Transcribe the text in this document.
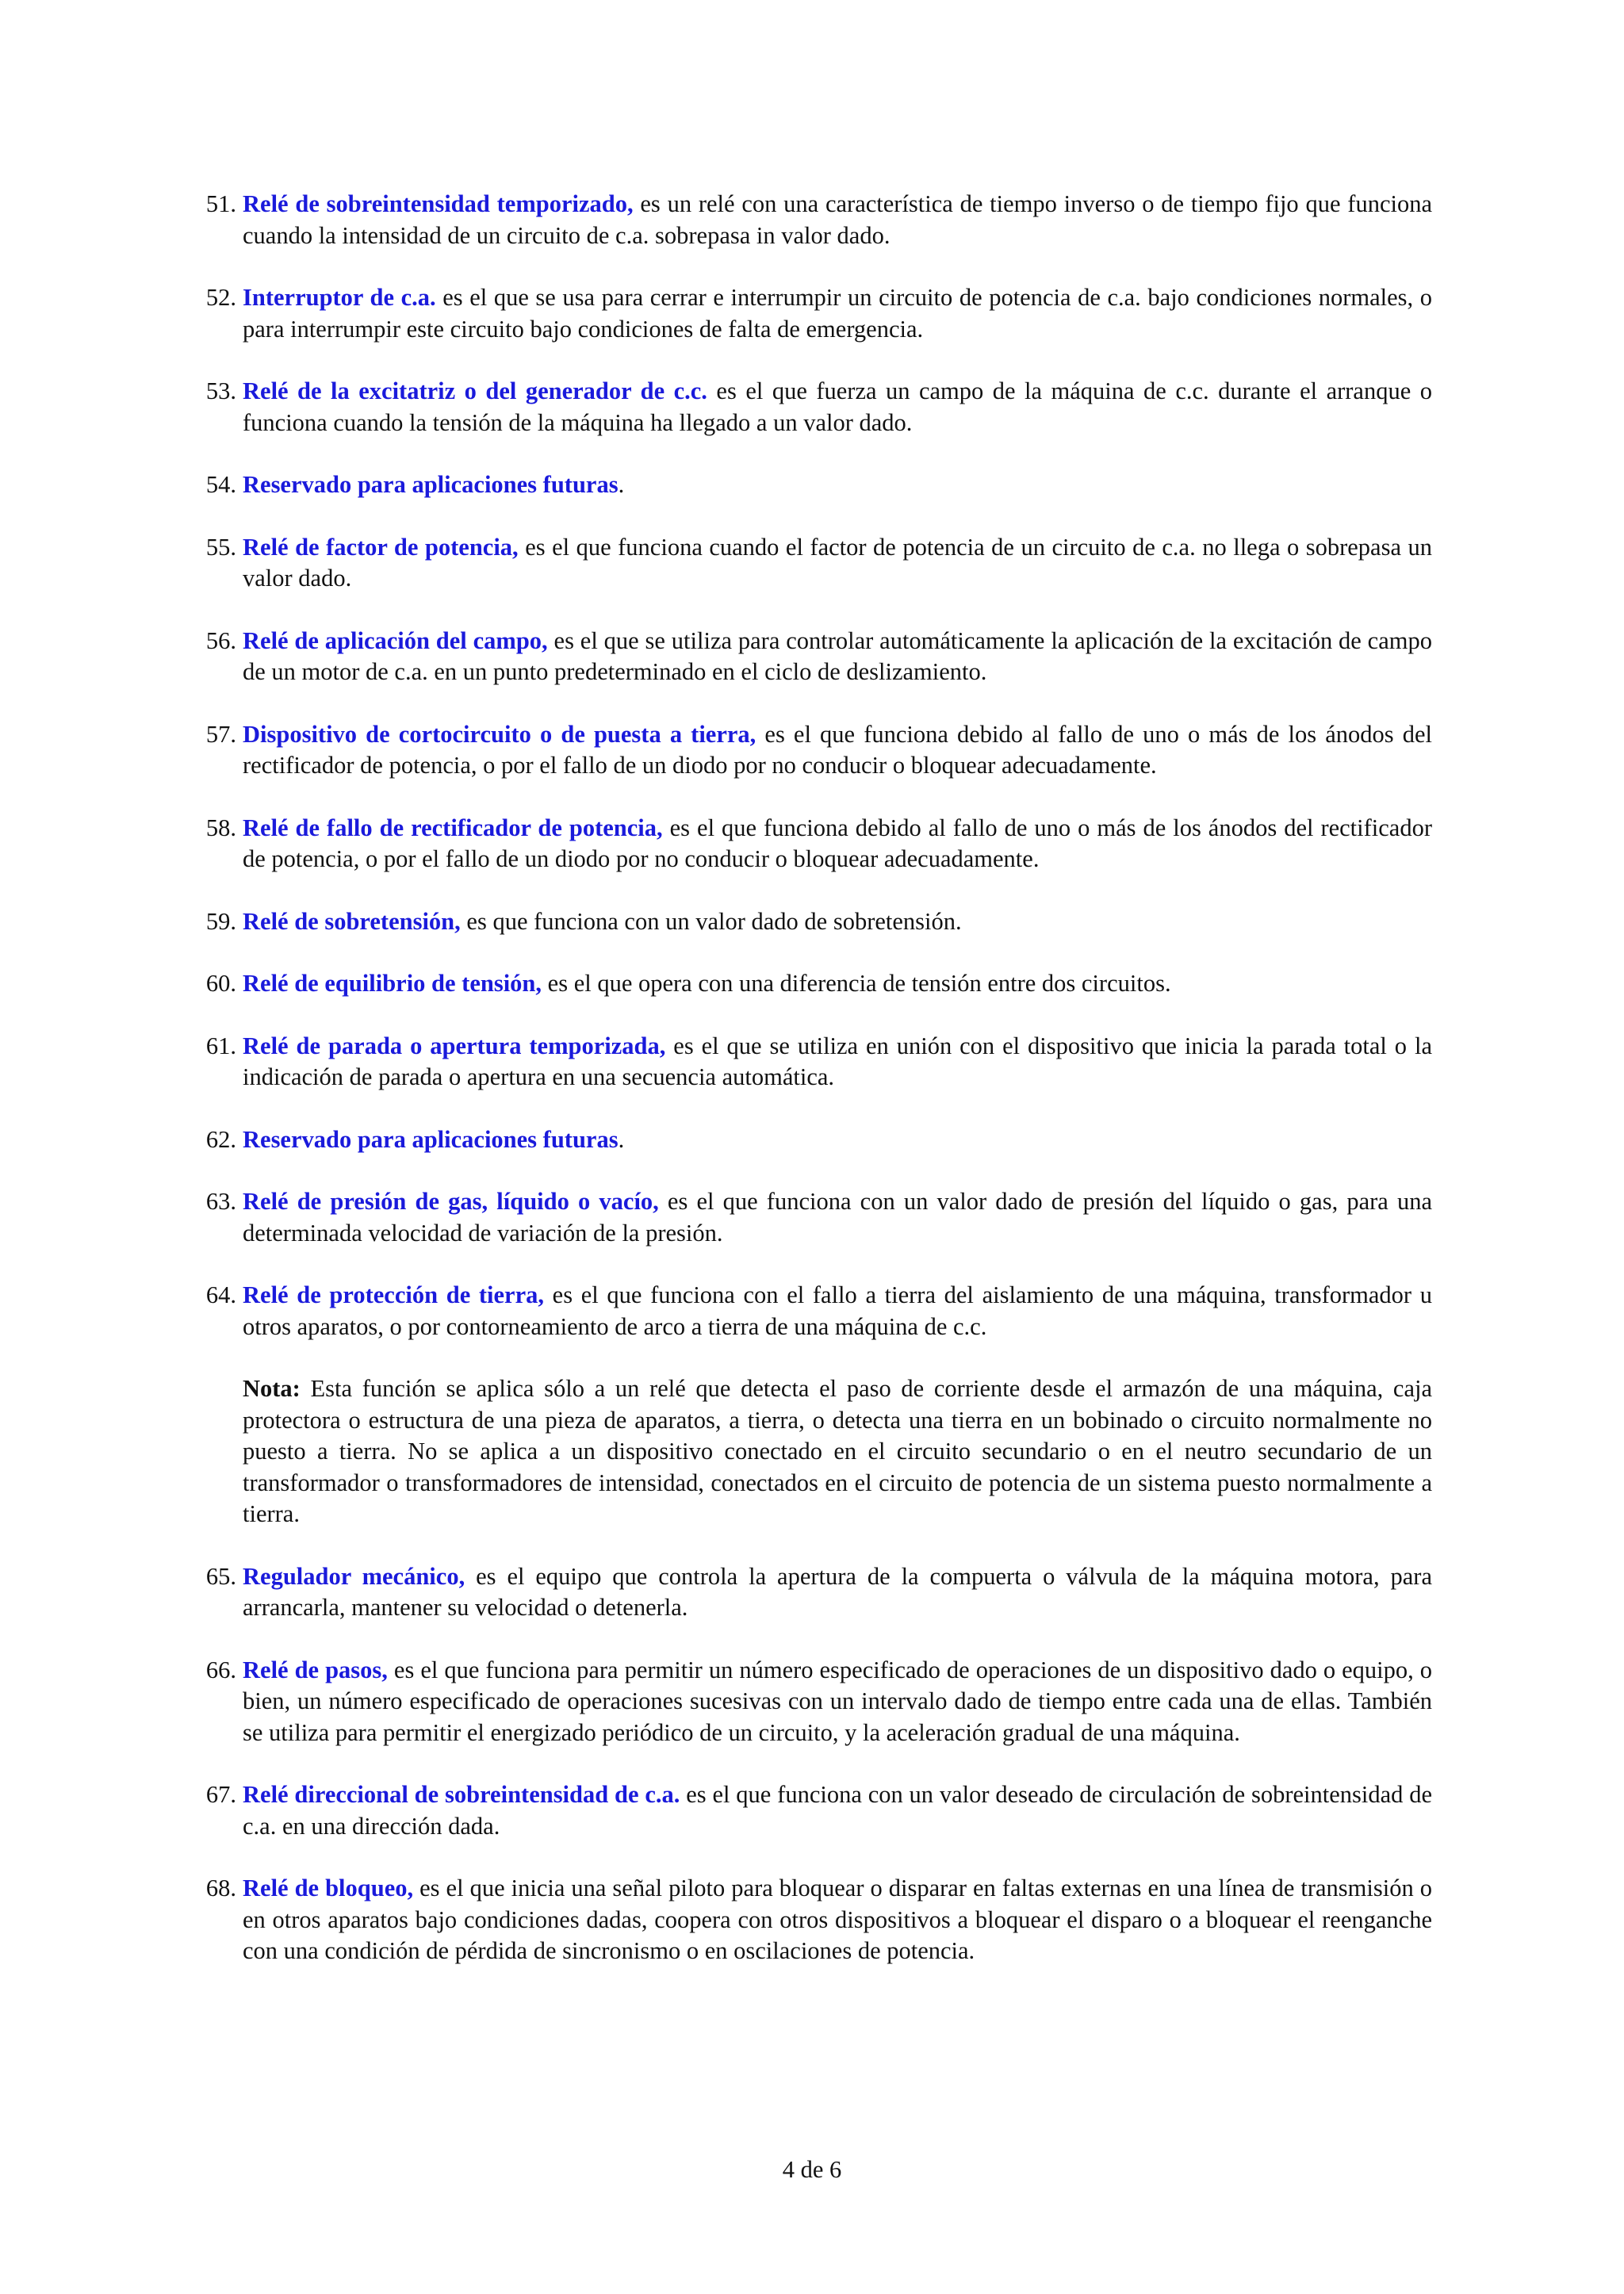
51. Relé de sobreintensidad temporizado, es un relé con una característica de tiempo inverso o de tiempo fijo que funciona cuando la intensidad de un circuito de c.a. sobrepasa in valor dado.
52. Interruptor de c.a. es el que se usa para cerrar e interrumpir un circuito de potencia de c.a. bajo condiciones normales, o para interrumpir este circuito bajo condiciones de falta de emergencia.
53. Relé de la excitatriz o del generador de c.c. es el que fuerza un campo de la máquina de c.c. durante el arranque o funciona cuando la tensión de la máquina ha llegado a un valor dado.
54. Reservado para aplicaciones futuras.
55. Relé de factor de potencia, es el que funciona cuando el factor de potencia de un circuito de c.a. no llega o sobrepasa un valor dado.
56. Relé de aplicación del campo, es el que se utiliza para controlar automáticamente la aplicación de la excitación de campo de un motor de c.a. en un punto predeterminado en el ciclo de deslizamiento.
57. Dispositivo de cortocircuito o de puesta a tierra, es el que funciona debido al fallo de uno o más de los ánodos del rectificador de potencia, o por el fallo de un diodo por no conducir o bloquear adecuadamente.
58. Relé de fallo de rectificador de potencia, es el que funciona debido al fallo de uno o más de los ánodos del rectificador de potencia, o por el fallo de un diodo por no conducir o bloquear adecuadamente.
59. Relé de sobretensión, es que funciona con un valor dado de sobretensión.
60. Relé de equilibrio de tensión, es el que opera con una diferencia de tensión entre dos circuitos.
61. Relé de parada o apertura temporizada, es el que se utiliza en unión con el dispositivo que inicia la parada total o la indicación de parada o apertura en una secuencia automática.
62. Reservado para aplicaciones futuras.
63. Relé de presión de gas, líquido o vacío, es el que funciona con un valor dado de presión del líquido o gas, para una determinada velocidad de variación de la presión.
64. Relé de protección de tierra, es el que funciona con el fallo a tierra del aislamiento de una máquina, transformador u otros aparatos, o por contorneamiento de arco a tierra de una máquina de c.c.
Nota: Esta función se aplica sólo a un relé que detecta el paso de corriente desde el armazón de una máquina, caja protectora o estructura de una pieza de aparatos, a tierra, o detecta una tierra en un bobinado o circuito normalmente no puesto a tierra. No se aplica a un dispositivo conectado en el circuito secundario o en el neutro secundario de un transformador o transformadores de intensidad, conectados en el circuito de potencia de un sistema puesto normalmente a tierra.
65. Regulador mecánico, es el equipo que controla la apertura de la compuerta o válvula de la máquina motora, para arrancarla, mantener su velocidad o detenerla.
66. Relé de pasos, es el que funciona para permitir un número especificado de operaciones de un dispositivo dado o equipo, o bien, un número especificado de operaciones sucesivas con un intervalo dado de tiempo entre cada una de ellas. También se utiliza para permitir el energizado periódico de un circuito, y la aceleración gradual de una máquina.
67. Relé direccional de sobreintensidad de c.a. es el que funciona con un valor deseado de circulación de sobreintensidad de c.a. en una dirección dada.
68. Relé de bloqueo, es el que inicia una señal piloto para bloquear o disparar en faltas externas en una línea de transmisión o en otros aparatos bajo condiciones dadas, coopera con otros dispositivos a bloquear el disparo o a bloquear el reenganche con una condición de pérdida de sincronismo o en oscilaciones de potencia.
4 de 6
